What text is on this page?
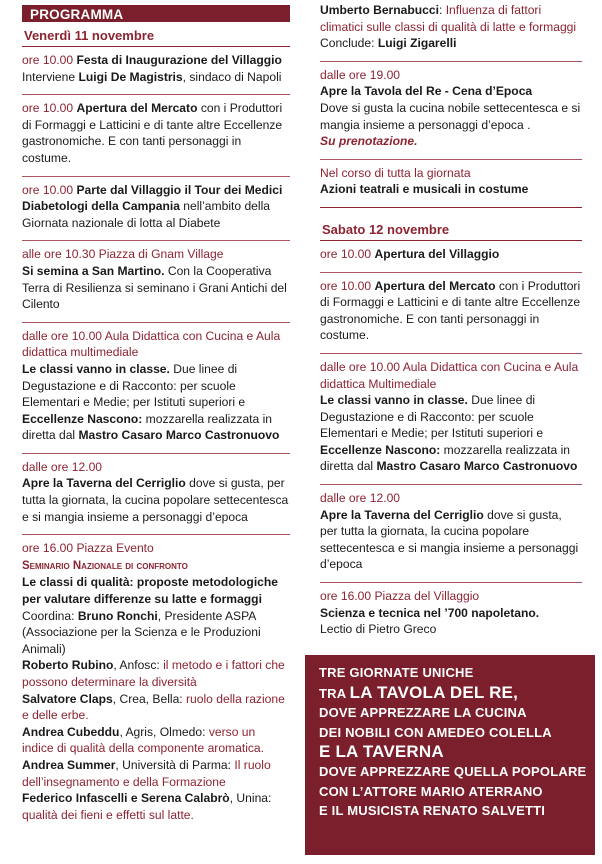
PROGRAMMA
Venerdì 11 novembre
ore 10.00 Festa di Inaugurazione del Villaggio
Interviene Luigi De Magistris, sindaco di Napoli
ore 10.00 Apertura del Mercato con i Produttori di Formaggi e Latticini e di tante altre Eccellenze gastronomiche. E con tanti personaggi in costume.
ore 10.00 Parte dal Villaggio il Tour dei Medici Diabetologi della Campania nell’ambito della Giornata nazionale di lotta al Diabete
alle ore 10.30 Piazza di Gnam Village
Si semina a San Martino. Con la Cooperativa Terra di Resilienza si seminano i Grani Antichi del Cilento
dalle ore 10.00 Aula Didattica con Cucina e Aula didattica multimediale
Le classi vanno in classe. Due linee di Degustazione e di Racconto: per scuole Elementari e Medie; per Istituti superiori e Eccellenze Nascono: mozzarella realizzata in diretta dal Mastro Casaro Marco Castronuovo
dalle ore 12.00
Apre la Taverna del Cerriglio dove si gusta, per tutta la giornata, la cucina popolare settecentesca e si mangia insieme a personaggi d’epoca
ore 16.00 Piazza Evento
Seminario Nazionale di confronto
Le classi di qualità: proposte metodologiche per valutare differenze su latte e formaggi
Coordina: Bruno Ronchi, Presidente ASPA (Associazione per la Scienza e le Produzioni Animali)
Roberto Rubino, Anfosc: il metodo e i fattori che possono determinare la diversità
Salvatore Claps, Crea, Bella: ruolo della razione e delle erbe.
Andrea Cubeddu, Agris, Olmedo: verso un indice di qualità della componente aromatica.
Andrea Summer, Università di Parma: Il ruolo dell’insegnamento e della Formazione
Federico Infascelli e Serena Calabrò, Unina: qualità dei fieni e effetti sul latte.
Umberto Bernabucci: Influenza di fattori climatici sulle classi di qualità di latte e formaggi
Conclude: Luigi Zigarelli
dalle ore 19.00
Apre la Tavola del Re - Cena d’Epoca
Dove si gusta la cucina nobile settecentesca e si mangia insieme a personaggi d’epoca .
Su prenotazione.
Nel corso di tutta la giornata
Azioni teatrali e musicali in costume
Sabato 12 novembre
ore 10.00 Apertura del Villaggio
ore 10.00 Apertura del Mercato con i Produttori di Formaggi e Latticini e di tante altre Eccellenze gastronomiche. E con tanti personaggi in costume.
dalle ore 10.00 Aula Didattica con Cucina e Aula didattica Multimediale
Le classi vanno in classe. Due linee di Degustazione e di Racconto: per scuole Elementari e Medie; per Istituti superiori e Eccellenze Nascono: mozzarella realizzata in diretta dal Mastro Casaro Marco Castronuovo
dalle ore 12.00
Apre la Taverna del Cerriglio dove si gusta, per tutta la giornata, la cucina popolare settecentesca e si mangia insieme a personaggi d’epoca
ore 16.00 Piazza del Villaggio
Scienza e tecnica nel ’700 napoletano.
Lectio di Pietro Greco
TRE GIORNATE UNICHE
TRA LA TAVOLA DEL RE,
DOVE APPREZZARE LA CUCINA
DEI NOBILI CON AMEDEO COLELLA
E LA TAVERNA
DOVE APPREZZARE QUELLA POPOLARE
CON L’ATTORE MARIO ATERRANO
E IL MUSICISTA RENATO SALVETTI
